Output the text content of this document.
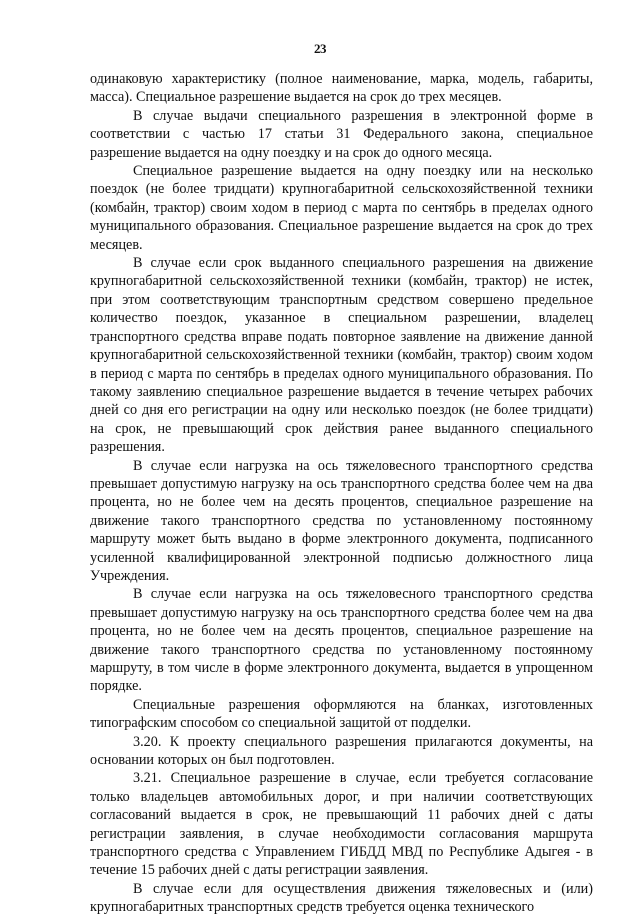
23

одинаковую характеристику (полное наименование, марка, модель, габариты, масса). Специальное разрешение выдается на срок до трех месяцев.

В случае выдачи специального разрешения в электронной форме в соответствии с частью 17 статьи 31 Федерального закона, специальное разрешение выдается на одну поездку и на срок до одного месяца.

Специальное разрешение выдается на одну поездку или на несколько поездок (не более тридцати) крупногабаритной сельскохозяйственной техники (комбайн, трактор) своим ходом в период с марта по сентябрь в пределах одного муниципального образования. Специальное разрешение выдается на срок до трех месяцев.

В случае если срок выданного специального разрешения на движение крупногабаритной сельскохозяйственной техники (комбайн, трактор) не истек, при этом соответствующим транспортным средством совершено предельное количество поездок, указанное в специальном разрешении, владелец транспортного средства вправе подать повторное заявление на движение данной крупногабаритной сельскохозяйственной техники (комбайн, трактор) своим ходом в период с марта по сентябрь в пределах одного муниципального образования. По такому заявлению специальное разрешение выдается в течение четырех рабочих дней со дня его регистрации на одну или несколько поездок (не более тридцати) на срок, не превышающий срок действия ранее выданного специального разрешения.

В случае если нагрузка на ось тяжеловесного транспортного средства превышает допустимую нагрузку на ось транспортного средства более чем на два процента, но не более чем на десять процентов, специальное разрешение на движение такого транспортного средства по установленному постоянному маршруту может быть выдано в форме электронного документа, подписанного усиленной квалифицированной электронной подписью должностного лица Учреждения.

В случае если нагрузка на ось тяжеловесного транспортного средства превышает допустимую нагрузку на ось транспортного средства более чем на два процента, но не более чем на десять процентов, специальное разрешение на движение такого транспортного средства по установленному постоянному маршруту, в том числе в форме электронного документа, выдается в упрощенном порядке.

Специальные разрешения оформляются на бланках, изготовленных типографским способом со специальной защитой от подделки.

3.20. К проекту специального разрешения прилагаются документы, на основании которых он был подготовлен.

3.21. Специальное разрешение в случае, если требуется согласование только владельцев автомобильных дорог, и при наличии соответствующих согласований выдается в срок, не превышающий 11 рабочих дней с даты регистрации заявления, в случае необходимости согласования маршрута транспортного средства с Управлением ГИБДД МВД по Республике Адыгея - в течение 15 рабочих дней с даты регистрации заявления.

В случае если для осуществления движения тяжеловесных и (или) крупногабаритных транспортных средств требуется оценка технического
